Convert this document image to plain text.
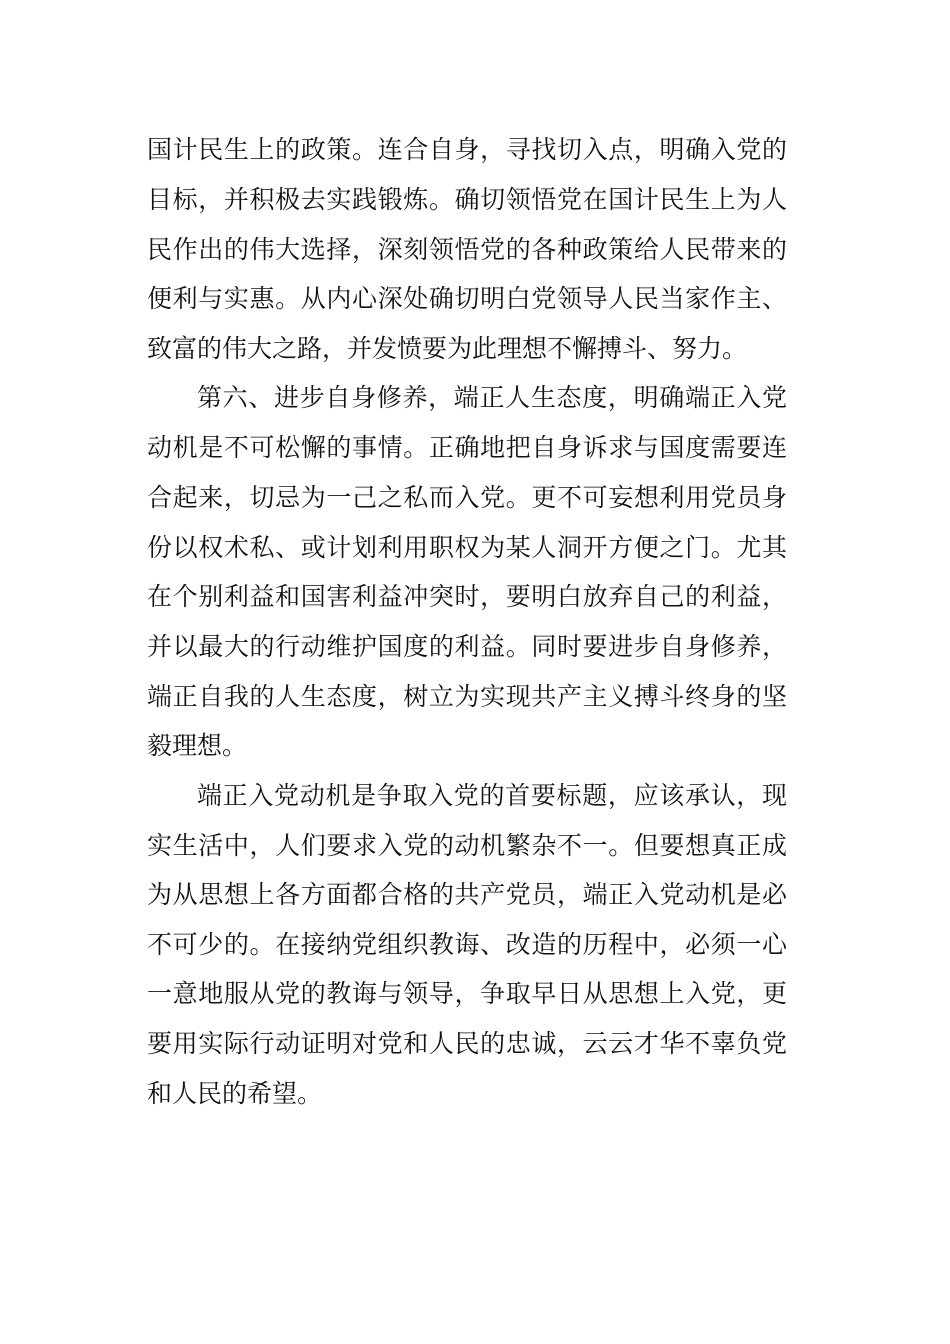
国计民生上的政策。连合自身，寻找切入点，明确入党的
目标，并积极去实践锻炼。确切领悟党在国计民生上为人
民作出的伟大选择，深刻领悟党的各种政策给人民带来的
便利与实惠。从内心深处确切明白党领导人民当家作主、
致富的伟大之路，并发愤要为此理想不懈搏斗、努力。
第六、进步自身修养，端正人生态度，明确端正入党
动机是不可松懈的事情。正确地把自身诉求与国度需要连
合起来，切忌为一己之私而入党。更不可妄想利用党员身
份以权术私、或计划利用职权为某人洞开方便之门。尤其
在个别利益和国害利益冲突时，要明白放弃自己的利益，
并以最大的行动维护国度的利益。同时要进步自身修养，
端正自我的人生态度，树立为实现共产主义搏斗终身的坚
毅理想。
端正入党动机是争取入党的首要标题，应该承认，现
实生活中，人们要求入党的动机繁杂不一。但要想真正成
为从思想上各方面都合格的共产党员，端正入党动机是必
不可少的。在接纳党组织教诲、改造的历程中，必须一心
一意地服从党的教诲与领导，争取早日从思想上入党，更
要用实际行动证明对党和人民的忠诚，云云才华不辜负党
和人民的希望。
